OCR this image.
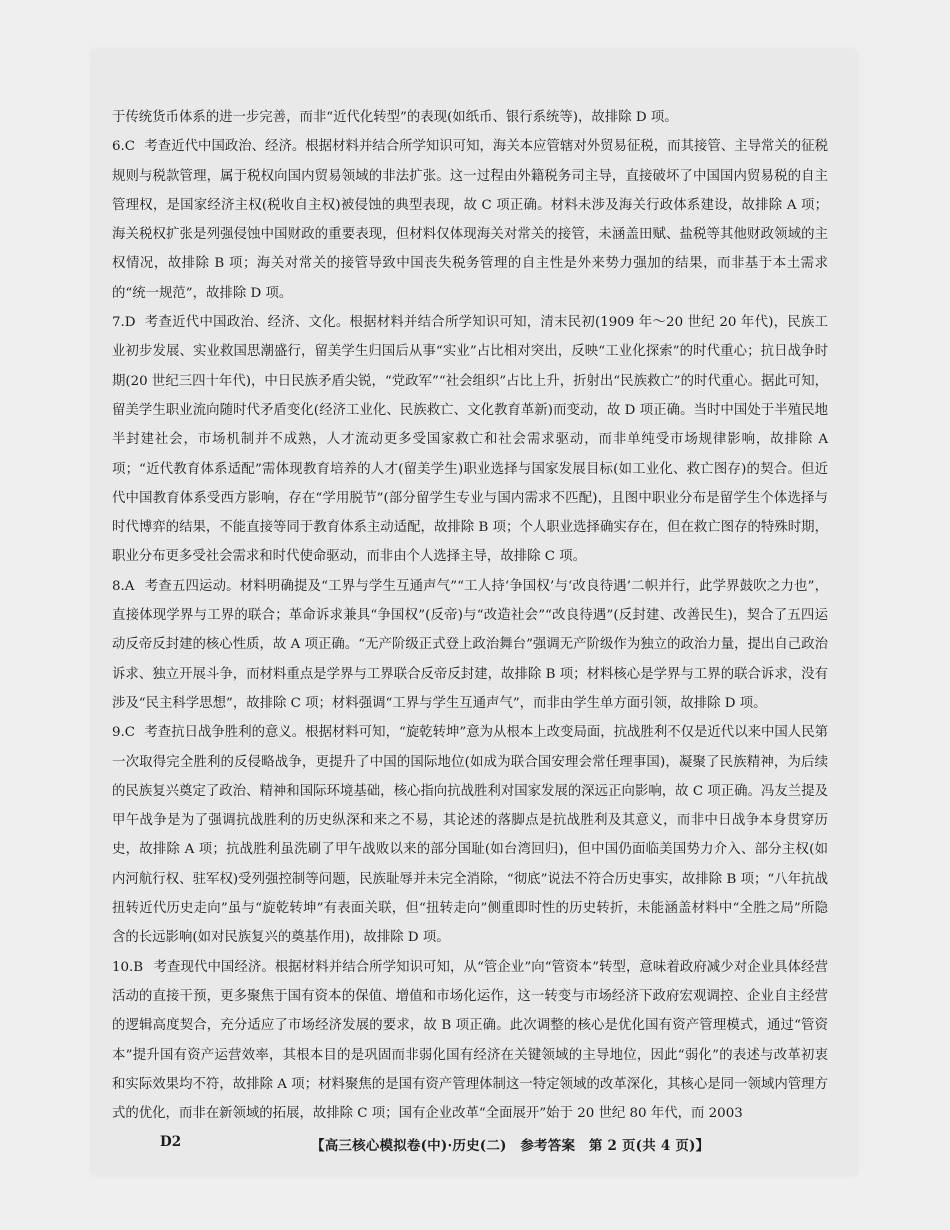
于传统货币体系的进一步完善，而非“近代化转型”的表现(如纸币、银行系统等)，故排除 D 项。

6.C　 考查近代中国政治、经济。根据材料并结合所学知识可知，海关本应管辖对外贸易征税，而其接管、主导常关的征税规则与税款管理，属于税权向国内贸易领域的非法扩张。这一过程由外籍税务司主导，直接破坏了中国国内贸易税的自主管理权，是国家经济主权(税收自主权)被侵蚀的典型表现，故 C 项正确。材料未涉及海关行政体系建设，故排除 A 项；海关税权扩张是列强侵蚀中国财政的重要表现，但材料仅体现海关对常关的接管，未涵盖田赋、盐税等其他财政领域的主权情况，故排除 B 项；海关对常关的接管导致中国丧失税务管理的自主性是外来势力强加的结果，而非基于本土需求的“统一规范”，故排除 D 项。

7.D　 考查近代中国政治、经济、文化。根据材料并结合所学知识可知，清末民初(1909 年～20 世纪 20 年代)，民族工业初步发展、实业救国思潮盛行，留美学生归国后从事“实业”占比相对突出，反映“工业化探索”的时代重心；抗日战争时期(20 世纪三四十年代)，中日民族矛盾尖锐，“党政军”“社会组织”占比上升，折射出“民族救亡”的时代重心。据此可知，留美学生职业流向随时代矛盾变化(经济工业化、民族救亡、文化教育革新)而变动，故 D 项正确。当时中国处于半殖民地半封建社会，市场机制并不成熟，人才流动更多受国家救亡和社会需求驱动，而非单纯受市场规律影响，故排除 A 项；“近代教育体系适配”需体现教育培养的人才(留美学生)职业选择与国家发展目标(如工业化、救亡图存)的契合。但近代中国教育体系受西方影响，存在“学用脱节”(部分留学生专业与国内需求不匹配)，且图中职业分布是留学生个体选择与时代博弈的结果，不能直接等同于教育体系主动适配，故排除 B 项；个人职业选择确实存在，但在救亡图存的特殊时期，职业分布更多受社会需求和时代使命驱动，而非由个人选择主导，故排除 C 项。

8.A　 考查五四运动。材料明确提及“工界与学生互通声气”“工人持‘争国权’与‘改良待遇’二帜并行，此学界鼓吹之力也”，直接体现学界与工界的联合；革命诉求兼具“争国权”(反帝)与“改造社会”“改良待遇”(反封建、改善民生)，契合了五四运动反帝反封建的核心性质，故 A 项正确。“无产阶级正式登上政治舞台”强调无产阶级作为独立的政治力量，提出自己政治诉求、独立开展斗争，而材料重点是学界与工界联合反帝反封建，故排除 B 项；材料核心是学界与工界的联合诉求，没有涉及“民主科学思想”，故排除 C 项；材料强调“工界与学生互通声气”，而非由学生单方面引领，故排除 D 项。

9.C　 考查抗日战争胜利的意义。根据材料可知，“旋乾转坤”意为从根本上改变局面，抗战胜利不仅是近代以来中国人民第一次取得完全胜利的反侵略战争，更提升了中国的国际地位(如成为联合国安理会常任理事国)，凝聚了民族精神，为后续的民族复兴奠定了政治、精神和国际环境基础，核心指向抗战胜利对国家发展的深远正向影响，故 C 项正确。冯友兰提及甲午战争是为了强调抗战胜利的历史纵深和来之不易，其论述的落脚点是抗战胜利及其意义，而非中日战争本身贯穿历史，故排除 A 项；抗战胜利虽洗刷了甲午战败以来的部分国耻(如台湾回归)，但中国仍面临美国势力介入、部分主权(如内河航行权、驻军权)受列强控制等问题，民族耻辱并未完全消除，“彻底”说法不符合历史事实，故排除 B 项；“八年抗战扭转近代历史走向”虽与“旋乾转坤”有表面关联，但“扭转走向”侧重即时性的历史转折，未能涵盖材料中“全胜之局”所隐含的长远影响(如对民族复兴的奠基作用)，故排除 D 项。

10.B　 考查现代中国经济。根据材料并结合所学知识可知，从“管企业”向“管资本”转型，意味着政府减少对企业具体经营活动的直接干预，更多聚焦于国有资本的保值、增值和市场化运作，这一转变与市场经济下政府宏观调控、企业自主经营的逻辑高度契合，充分适应了市场经济发展的要求，故 B 项正确。此次调整的核心是优化国有资产管理模式，通过“管资本”提升国有资产运营效率，其根本目的是巩固而非弱化国有经济在关键领域的主导地位，因此“弱化”的表述与改革初衷和实际效果均不符，故排除 A 项；材料聚焦的是国有资产管理体制这一特定领域的改革深化，其核心是同一领域内管理方式的优化，而非在新领域的拓展，故排除 C 项；国有企业改革“全面展开”始于 20 世纪 80 年代，而 2003

D2	【高三核心模拟卷(中)·历史(二)　参考答案　第 2 页(共 4 页)】
